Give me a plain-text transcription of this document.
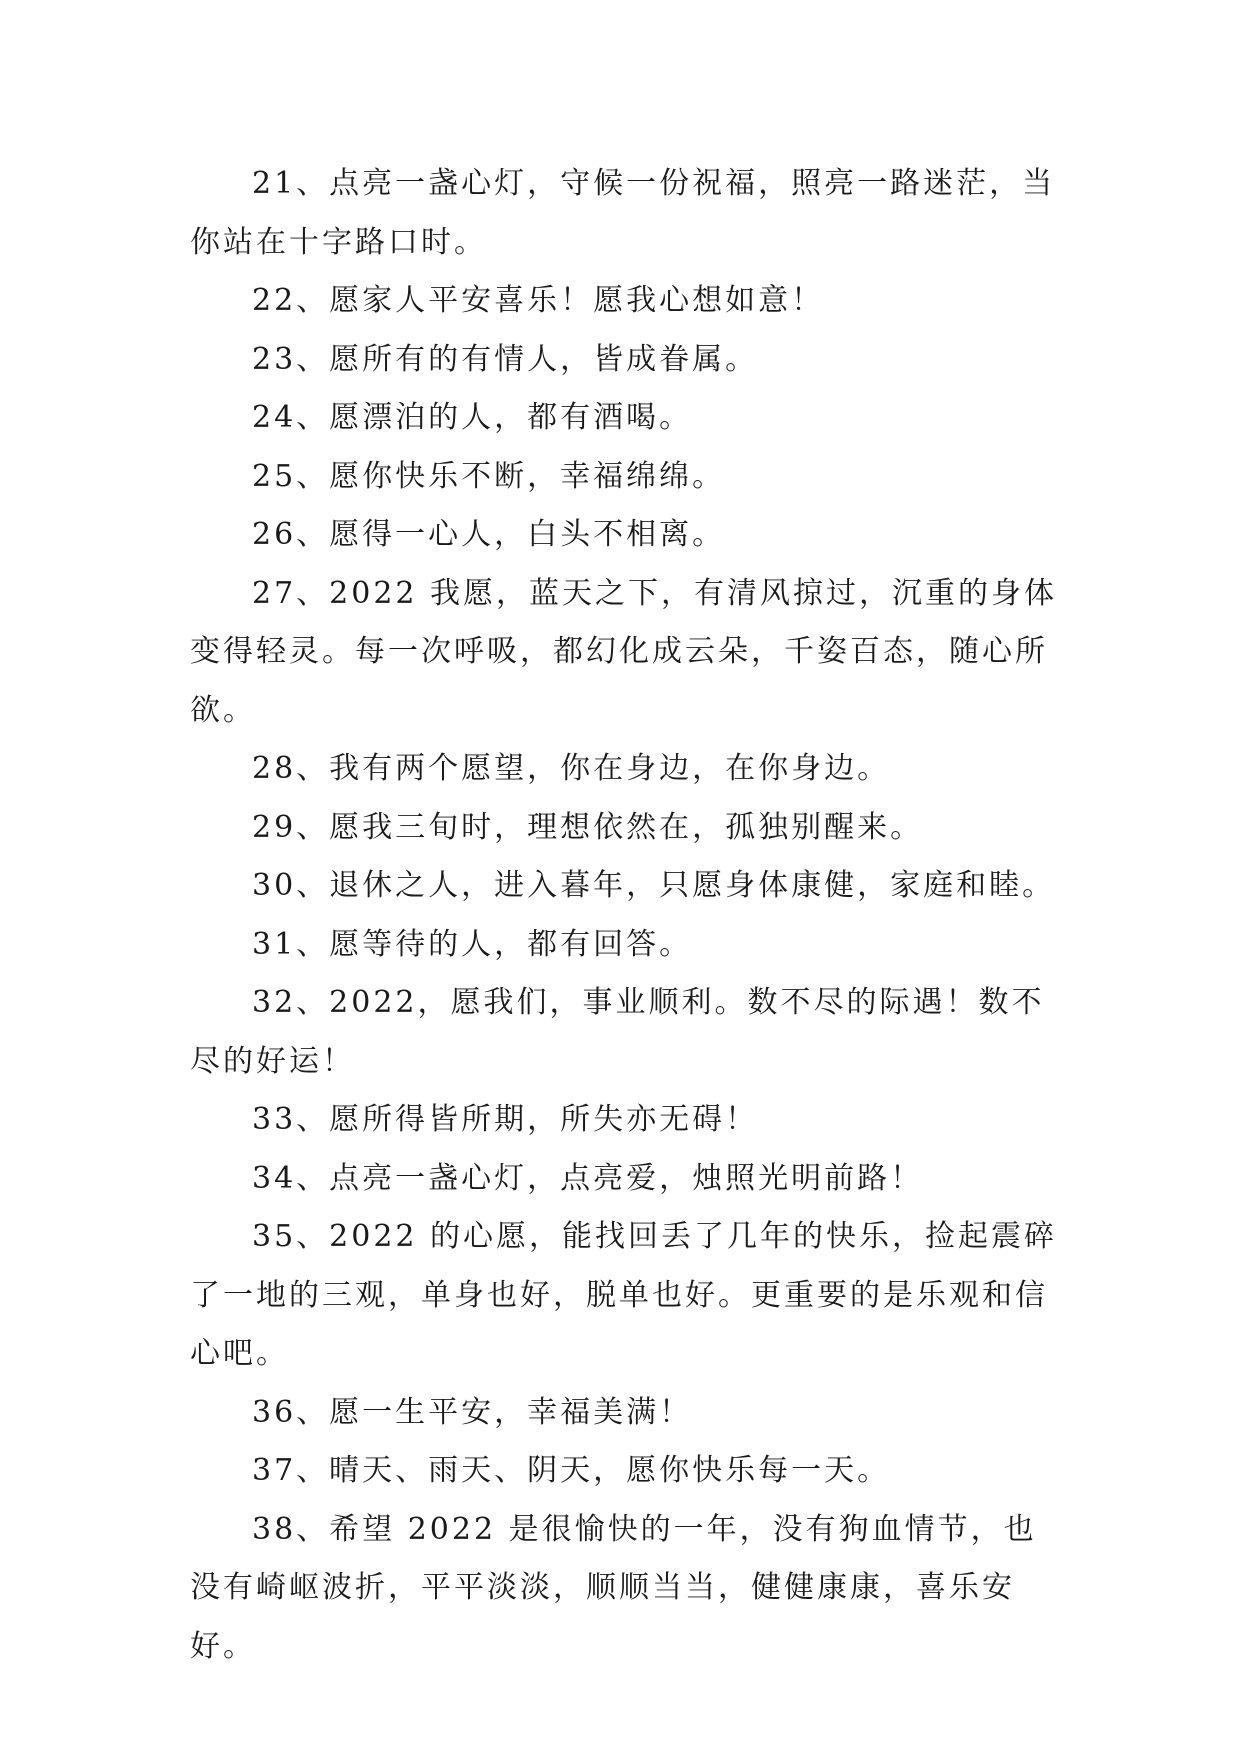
21、点亮一盏心灯，守候一份祝福，照亮一路迷茫，当你站在十字路口时。

22、愿家人平安喜乐！愿我心想如意！

23、愿所有的有情人，皆成眷属。

24、愿漂泊的人，都有酒喝。

25、愿你快乐不断，幸福绵绵。

26、愿得一心人，白头不相离。

27、2022 我愿，蓝天之下，有清风掠过，沉重的身体变得轻灵。每一次呼吸，都幻化成云朵，千姿百态，随心所欲。

28、我有两个愿望，你在身边，在你身边。

29、愿我三旬时，理想依然在，孤独别醒来。

30、退休之人，进入暮年，只愿身体康健，家庭和睦。

31、愿等待的人，都有回答。

32、2022，愿我们，事业顺利。数不尽的际遇！数不尽的好运！

33、愿所得皆所期，所失亦无碍！

34、点亮一盏心灯，点亮爱，烛照光明前路！

35、2022 的心愿，能找回丢了几年的快乐，捡起震碎了一地的三观，单身也好，脱单也好。更重要的是乐观和信心吧。

36、愿一生平安，幸福美满！

37、晴天、雨天、阴天，愿你快乐每一天。

38、希望 2022 是很愉快的一年，没有狗血情节，也没有崎岖波折，平平淡淡，顺顺当当，健健康康，喜乐安好。
